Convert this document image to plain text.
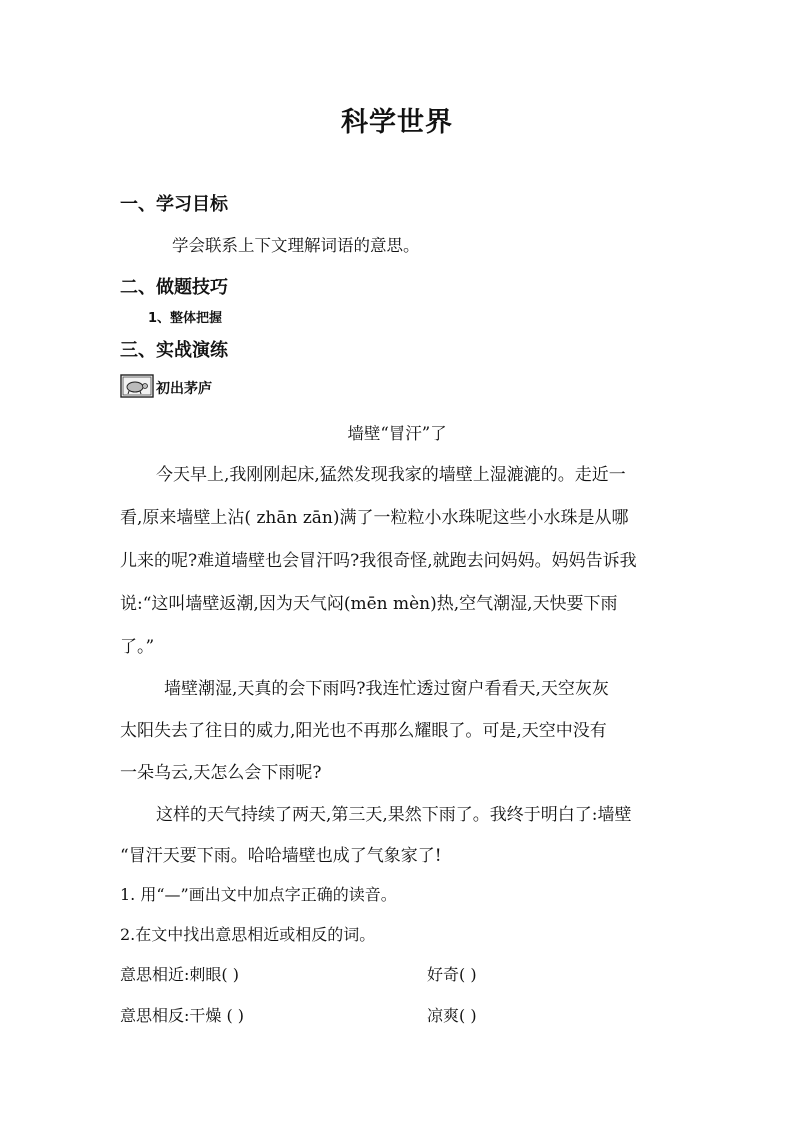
科学世界
一、学习目标
学会联系上下文理解词语的意思。
二、做题技巧
1、整体把握
三、实战演练
初出茅庐
墙壁“冒汗”了
今天早上,我刚刚起床,猛然发现我家的墙壁上湿漉漉的。走近一
看,原来墙壁上沾( zhān zān)满了一粒粒小水珠呢这些小水珠是从哪
儿来的呢?难道墙壁也会冒汗吗?我很奇怪,就跑去问妈妈。妈妈告诉我
说:“这叫墙壁返潮,因为天气闷(mēn mèn)热,空气潮湿,天快要下雨
了。”
墙壁潮湿,天真的会下雨吗?我连忙透过窗户看看天,天空灰灰
太阳失去了往日的威力,阳光也不再那么耀眼了。可是,天空中没有
一朵乌云,天怎么会下雨呢?
这样的天气持续了两天,第三天,果然下雨了。我终于明白了:墙壁
“冒汗天要下雨。哈哈墙壁也成了气象家了!
1. 用“—”画出文中加点字正确的读音。
2.在文中找出意思相近或相反的词。
意思相近:刺眼( )	好奇( )
意思相反:干燥 ( )	凉爽( )
